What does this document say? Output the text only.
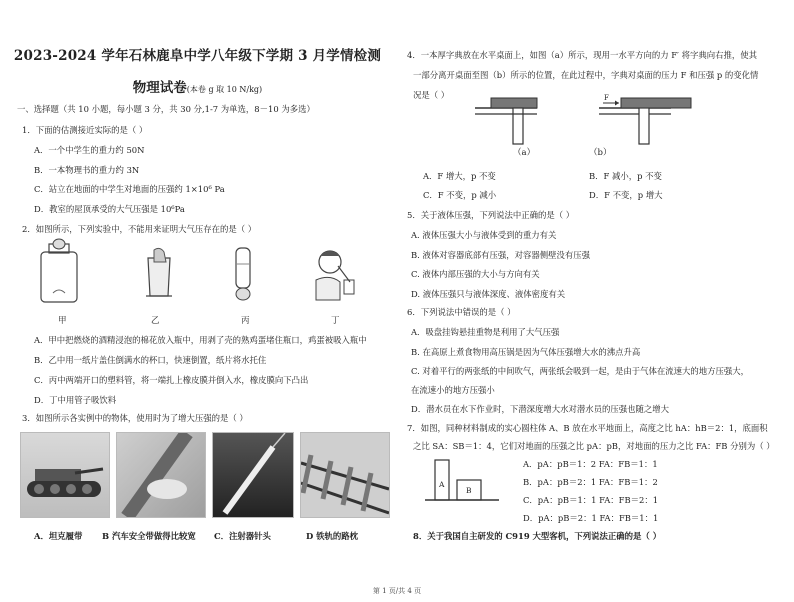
2023-2024 学年石林鹿阜中学八年级下学期 3 月学情检测
物理试卷(本卷 g 取 10 N/kg)
一、选择题（共 10 小题，每小题 3 分，共 30 分,1-7 为单选，8－10 为多选）
1．下面的估测接近实际的是（ ）
A．一个中学生的重力约 50N
B．一本物理书的重力约 3N
C．站立在地面的中学生对地面的压强约 1×10⁶ Pa
D．教室的屋顶承受的大气压强是 10⁶Pa
2．如图所示，下列实验中，不能用来证明大气压存在的是（ ）
甲	乙	丙	丁
A．甲中把燃烧的酒精浸泡的棉花放入瓶中，用剥了壳的熟鸡蛋堵住瓶口，鸡蛋被吸入瓶中
B．乙中用一纸片盖住倒满水的杯口，快速倒置，纸片将水托住
C．丙中两端开口的塑料管，将一端扎上橡皮膜并倒入水，橡皮膜向下凸出
D．丁中用管子吸饮料
3．如图所示各实例中的物体，使用时为了增大压强的是（ ）
A．坦克履带 B 汽车安全带做得比较宽 C．注射器针头	D 铁轨的路枕
4．一本厚字典放在水平桌面上，如图（a）所示，现用一水平方向的力 F′ 将字典向右推，使其
一部分离开桌面至图（b）所示的位置，在此过程中，字典对桌面的压力 F 和压强 p 的变化情
况是（ ）	F
（a）	（b）
A．F 增大，p 不变	B．F 减小，p 不变
C．F 不变，p 减小	D．F 不变，p 增大
5．关于液体压强，下列说法中正确的是（ ）
A. 液体压强大小与液体受到的重力有关
B. 液体对容器底部有压强，对容器侧壁没有压强
C. 液体内部压强的大小与方向有关
D. 液体压强只与液体深度、液体密度有关
6．下列说法中错误的是（ ）
A．吸盘挂钩悬挂重物是利用了大气压强
B. 在高原上煮食物用高压锅是因为气体压强增大水的沸点升高
C. 对着平行的两张纸的中间吹气，两张纸会吸到一起，是由于气体在流速大的地方压强大，
在流速小的地方压强小
D．潜水员在水下作业时，下潜深度增大水对潜水员的压强也随之增大
7．如图，同种材料制成的实心圆柱体 A、B 放在水平地面上，高度之比 hA：hB＝2：1，底面积
之比 SA：SB＝1：4，它们对地面的压强之比 pA：pB，对地面的压力之比 FA：FB 分别为（ ）
A
B
A．pA：pB＝1：2 FA：FB＝1：1
B．pA：pB＝2：1 FA：FB＝1：2
C．pA：pB＝1：1 FA：FB＝2：1
D．pA：pB＝2：1 FA：FB＝1：1
8．关于我国自主研发的 C919 大型客机，下列说法正确的是（ ）
第 1 页/共 4 页
